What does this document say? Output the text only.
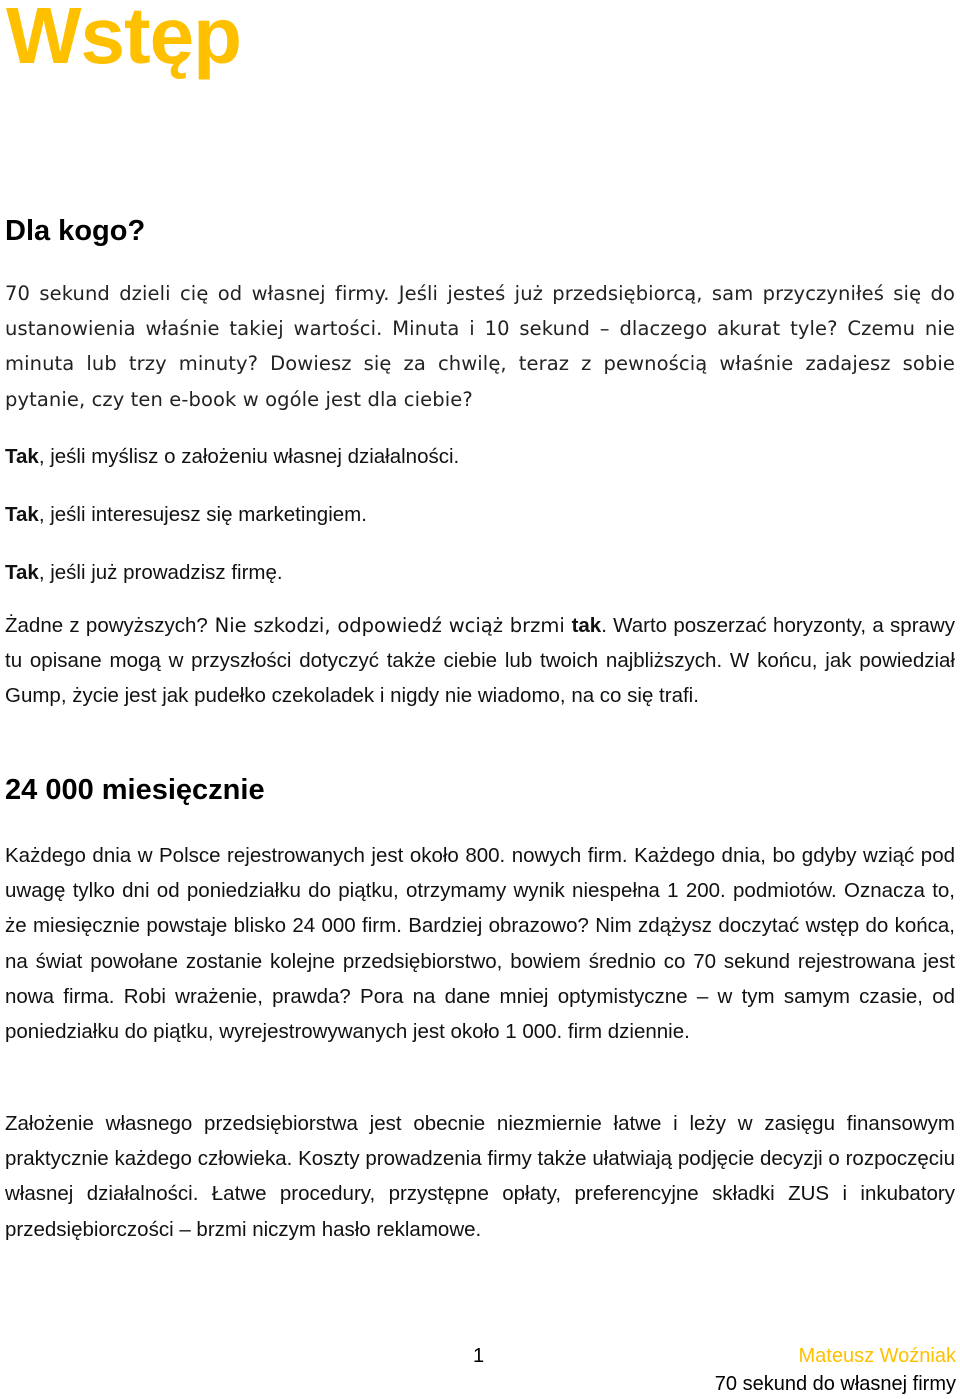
Wstęp
Dla kogo?

70 sekund dzieli cię od własnej firmy. Jeśli jesteś już przedsiębiorcą, sam przyczyniłeś się do ustanowienia właśnie takiej wartości. Minuta i 10 sekund – dlaczego akurat tyle? Czemu nie minuta lub trzy minuty? Dowiesz się za chwilę, teraz z pewnością właśnie zadajesz sobie pytanie, czy ten e-book w ogóle jest dla ciebie?

Tak, jeśli myślisz o założeniu własnej działalności.

Tak, jeśli interesujesz się marketingiem.

Tak, jeśli już prowadzisz firmę.

Żadne z powyższych? Nie szkodzi, odpowiedź wciąż brzmi tak. Warto poszerzać horyzonty, a sprawy tu opisane mogą w przyszłości dotyczyć także ciebie lub twoich najbliższych. W końcu, jak powiedział Gump, życie jest jak pudełko czekoladek i nigdy nie wiadomo, na co się trafi.

24 000 miesięcznie

Każdego dnia w Polsce rejestrowanych jest około 800. nowych firm. Każdego dnia, bo gdyby wziąć pod uwagę tylko dni od poniedziałku do piątku, otrzymamy wynik niespełna 1 200. podmiotów. Oznacza to, że miesięcznie powstaje blisko 24 000 firm. Bardziej obrazowo? Nim zdążysz doczytać wstęp do końca, na świat powołane zostanie kolejne przedsiębiorstwo, bowiem średnio co 70 sekund rejestrowana jest nowa firma. Robi wrażenie, prawda? Pora na dane mniej optymistyczne – w tym samym czasie, od poniedziałku do piątku, wyrejestrowywanych jest około 1 000. firm dziennie.

Założenie własnego przedsiębiorstwa jest obecnie niezmiernie łatwe i leży w zasięgu finansowym praktycznie każdego człowieka. Koszty prowadzenia firmy także ułatwiają podjęcie decyzji o rozpoczęciu własnej działalności. Łatwe procedury, przystępne opłaty, preferencyjne składki ZUS i inkubatory przedsiębiorczości – brzmi niczym hasło reklamowe.

1	Mateusz Woźniak
70 sekund do własnej firmy
